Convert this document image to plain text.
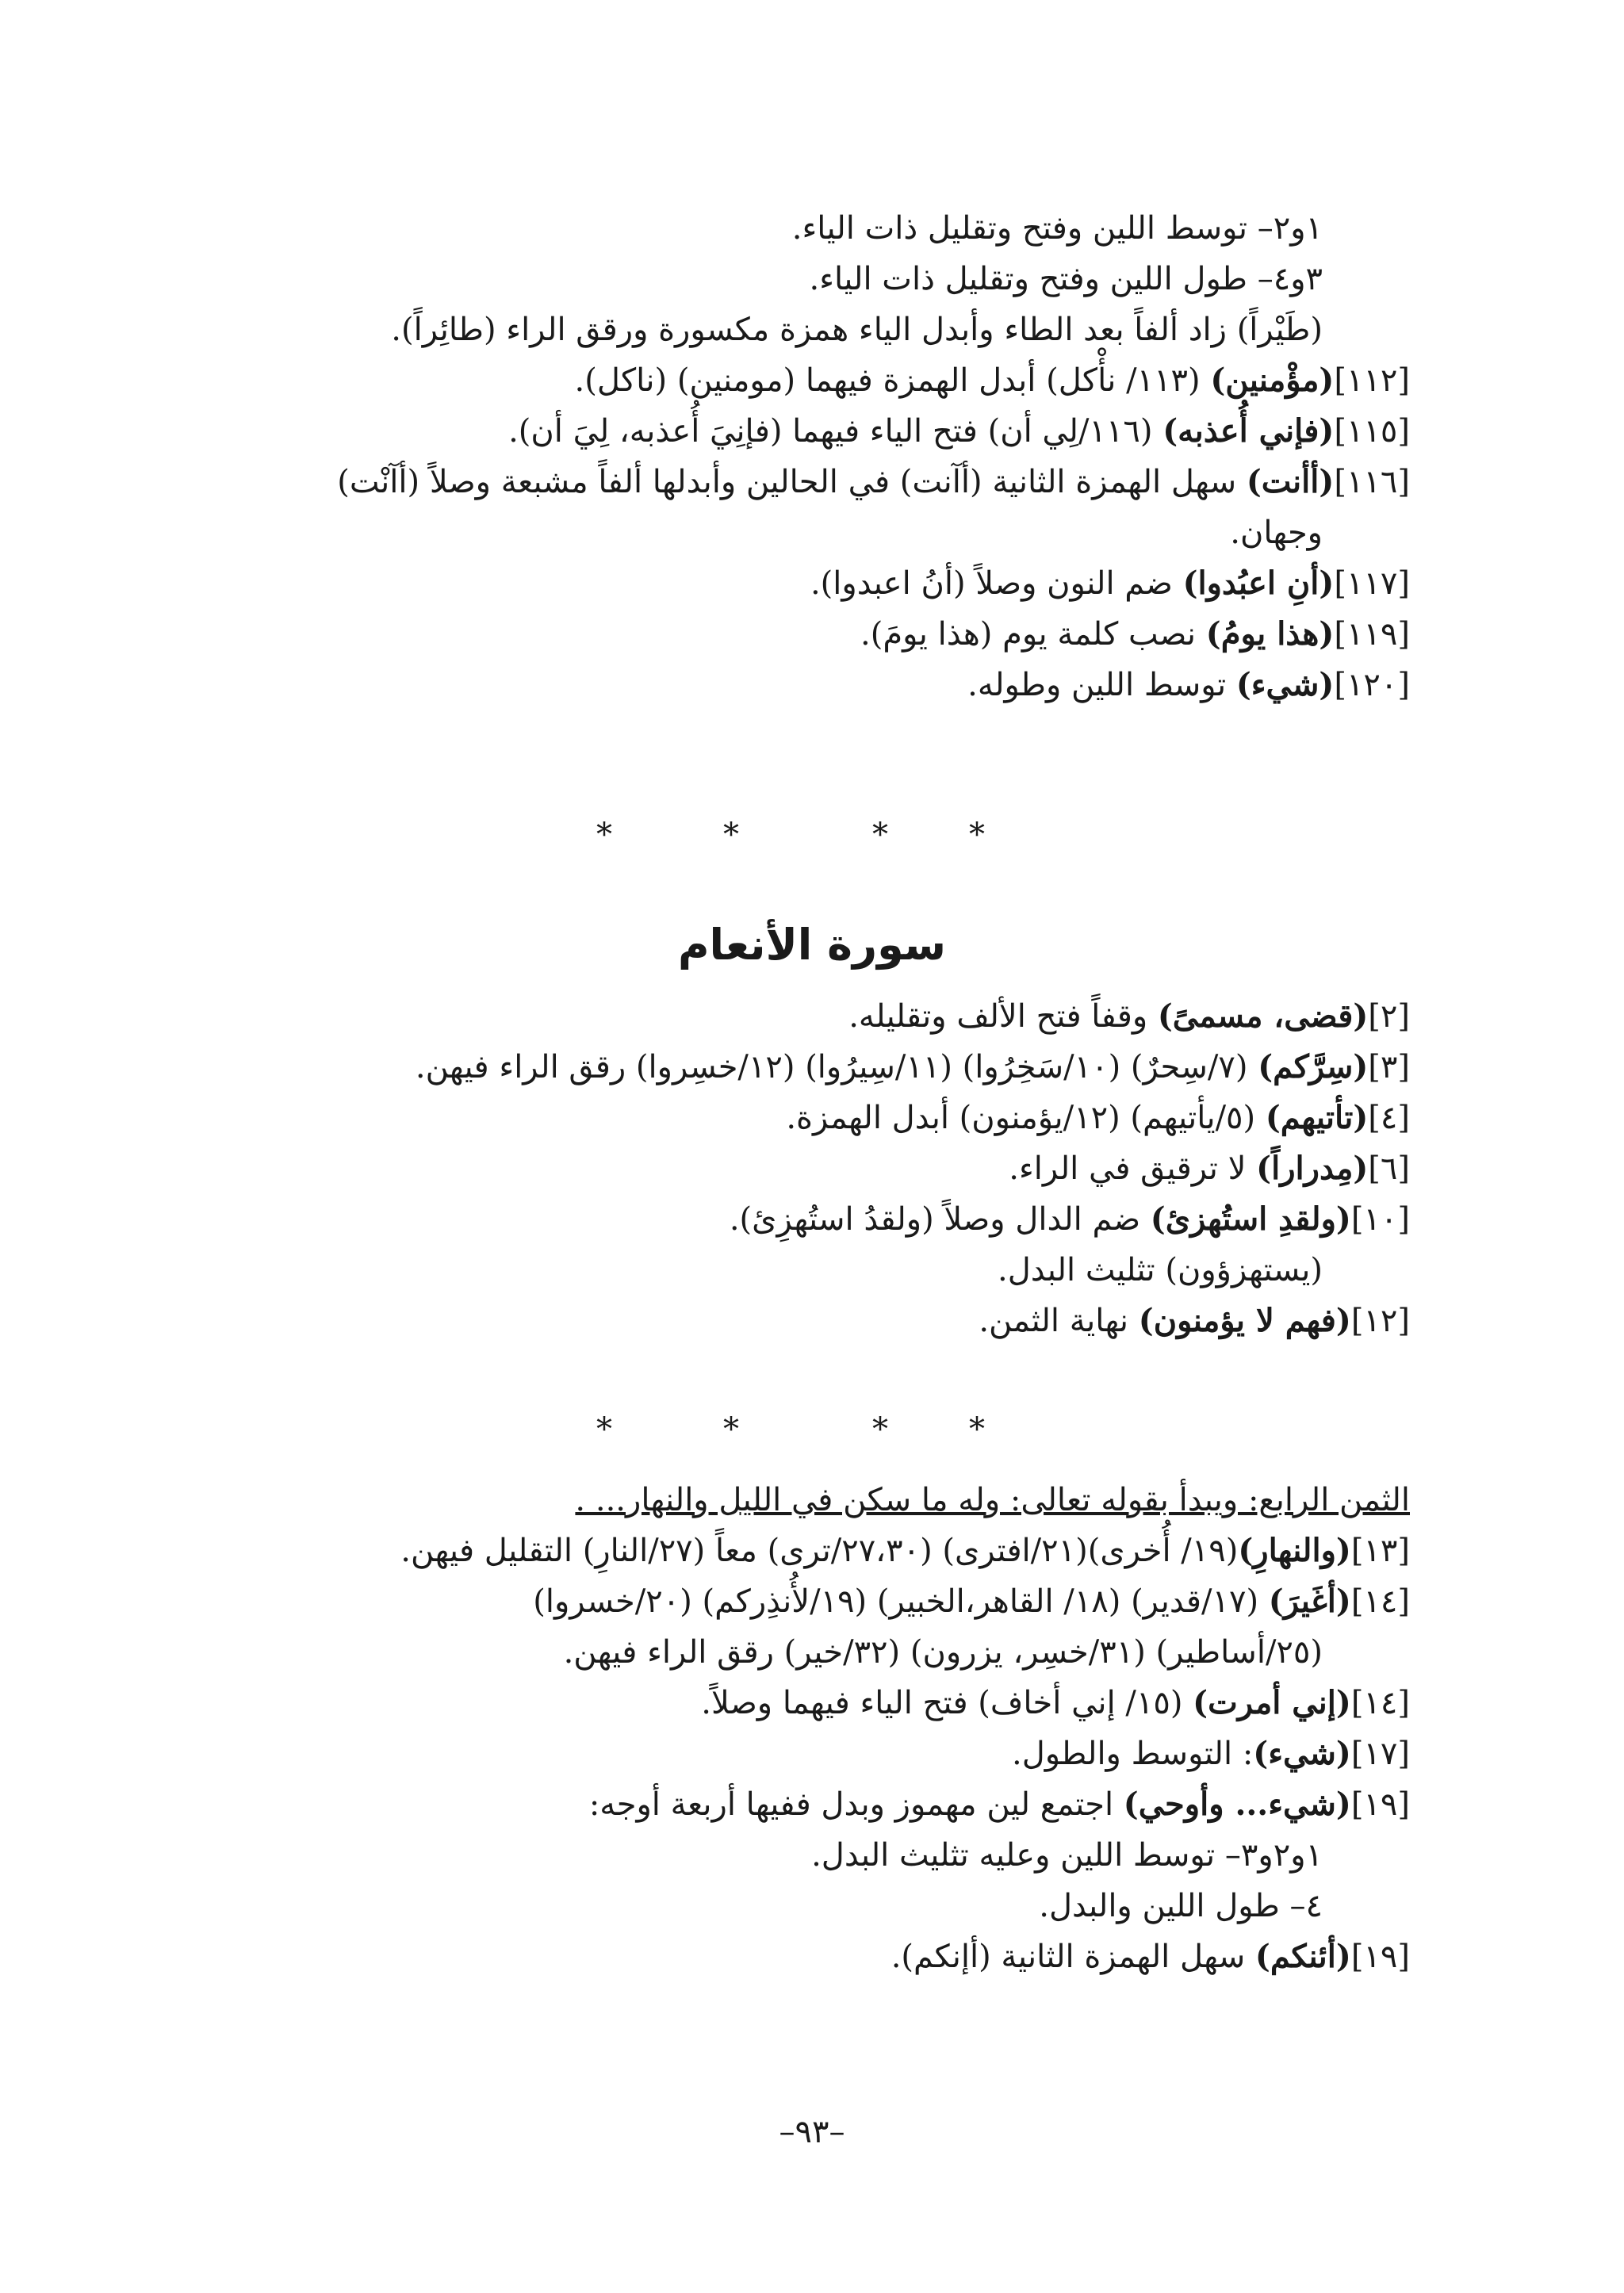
١و٢– توسط اللين وفتح وتقليل ذات الياء.
٣و٤– طول اللين وفتح وتقليل ذات الياء.
(طَيْراً) زاد ألفاً بعد الطاء وأبدل الياء همزة مكسورة ورقق الراء (طائِراً).
[١١٢](مؤْمنين) (١١٣/ نأْكل) أبدل الهمزة فيهما (مومنين) (ناكل).
[١١٥](فإني أُعذبه) (١١٦/لِي أن) فتح الياء فيهما (فإنِيَ أُعذبه، لِيَ أن).
[١١٦](أأنت) سهل الهمزة الثانية (أآنت) في الحالين وأبدلها ألفاً مشبعة وصلاً (أآنْت)
وجهان.
[١١٧](أنِ اعبُدوا) ضم النون وصلاً (أنُ اعبدوا).
[١١٩](هذا يومُ) نصب كلمة يوم (هذا يومَ).
[١٢٠](شيء) توسط اللين وطوله.
*	*	*	*
سورة الأنعام
[٢](قضى، مسمىً) وقفاً فتح الألف وتقليله.
[٣](سِرَّكم) (٧/سِحرٌ) (١٠/سَخِرُوا) (١١/سِيرُوا) (١٢/خسِروا) رقق الراء فيهن.
[٤](تأتيهم) (٥/يأتيهم) (١٢/يؤمنون) أبدل الهمزة.
[٦](مِدراراً) لا ترقيق في الراء.
[١٠](ولقدِ استُهزئ) ضم الدال وصلاً (ولقدُ استُهزِئ).
(يستهزؤون) تثليث البدل.
[١٢](فهم لا يؤمنون) نهاية الثمن.
*	*	*	*
الثمن الرابع: ويبدأ بقوله تعالى: وله ما سكن في الليل والنهار... .
[١٣](والنهارِ)(١٩/ أُخرى)(٢١/افترى) (٢٧،٣٠/ترى) معاً (٢٧/النارِ) التقليل فيهن.
[١٤](أغَيرَ) (١٧/قدير) (١٨/ القاهر،الخبير) (١٩/لأُنذِركم) (٢٠/خسروا)
(٢٥/أساطير) (٣١/خسِر، يزرون) (٣٢/خير) رقق الراء فيهن.
[١٤](إني أمرت) (١٥/ إني أخاف) فتح الياء فيهما وصلاً.
[١٧](شيء): التوسط والطول.
[١٩](شيء... وأوحي) اجتمع لين مهموز وبدل ففيها أربعة أوجه:
١و٢و٣– توسط اللين وعليه تثليث البدل.
٤– طول اللين والبدل.
[١٩](أئنكم) سهل الهمزة الثانية (أإنكم).
–٩٣–
